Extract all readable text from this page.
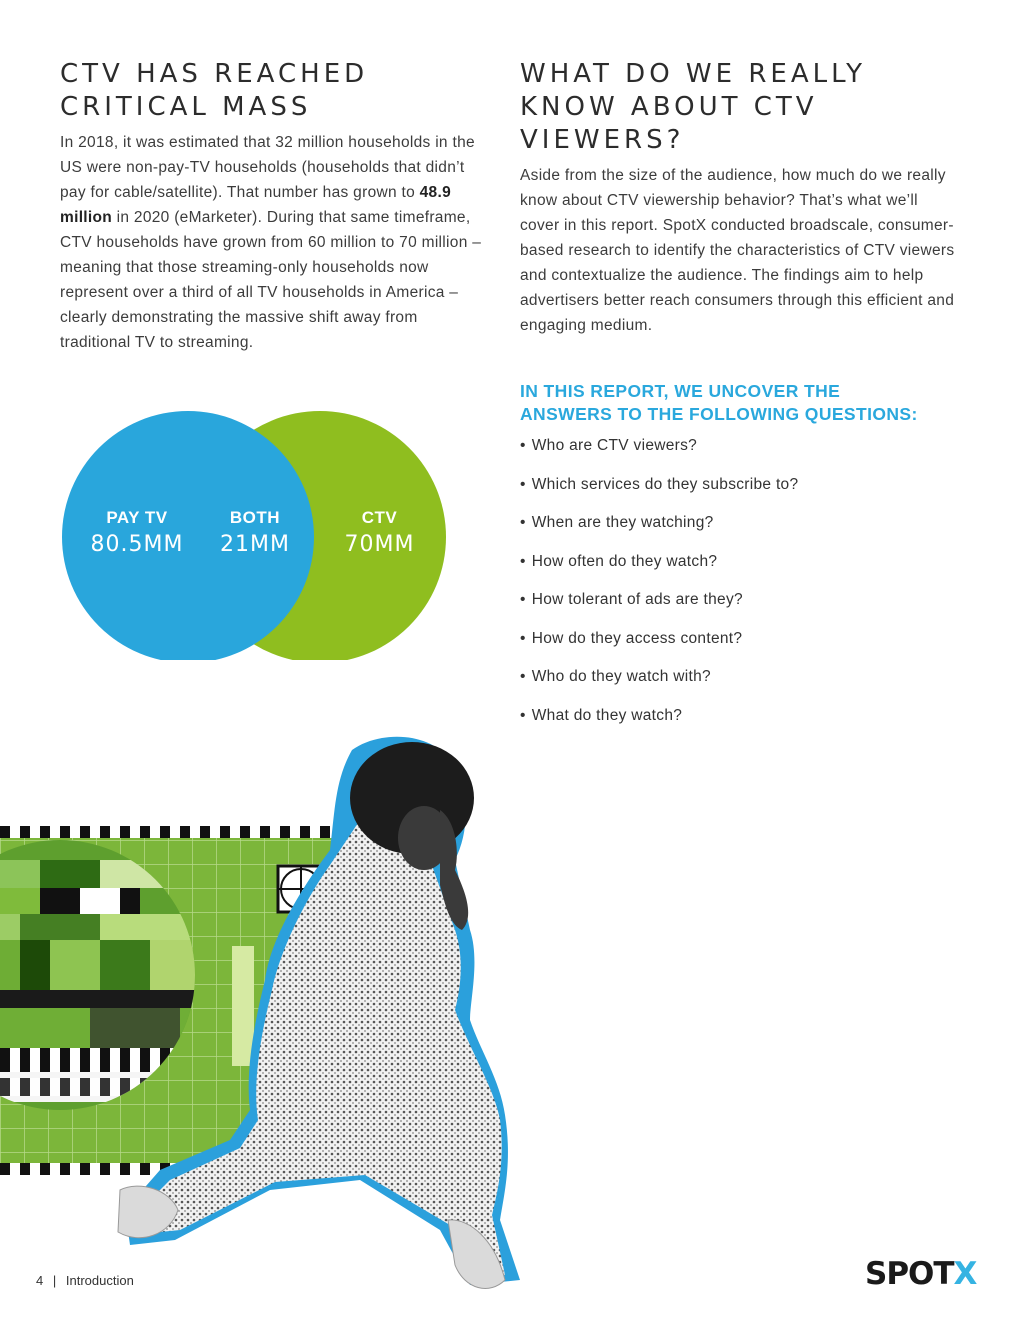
CTV HAS REACHED
CRITICAL MASS

In 2018, it was estimated that 32 million households in the US were non-pay-TV households (households that didn’t pay for cable/satellite). That number has grown to 48.9 million in 2020 (eMarketer). During that same timeframe, CTV households have grown from 60 million to 70 million – meaning that those streaming-only households now represent over a third of all TV households in America – clearly demonstrating the massive shift away from traditional TV to streaming.

PAY TV
80.5MM
BOTH
21MM
CTV
70MM
WHAT DO WE REALLY
KNOW ABOUT CTV
VIEWERS?

Aside from the size of the audience, how much do we really know about CTV viewership behavior? That’s what we’ll cover in this report. SpotX conducted broadscale, consumer-based research to identify the characteristics of CTV viewers and contextualize the audience. The findings aim to help advertisers better reach consumers through this efficient and engaging medium.

IN THIS REPORT, WE UNCOVER THE
ANSWERS TO THE FOLLOWING QUESTIONS:
• Who are CTV viewers?
• Which services do they subscribe to?
• When are they watching?
• How often do they watch?
• How tolerant of ads are they?
• How do they access content?
• Who do they watch with?
• What do they watch?
4 | Introduction	SPOTX
